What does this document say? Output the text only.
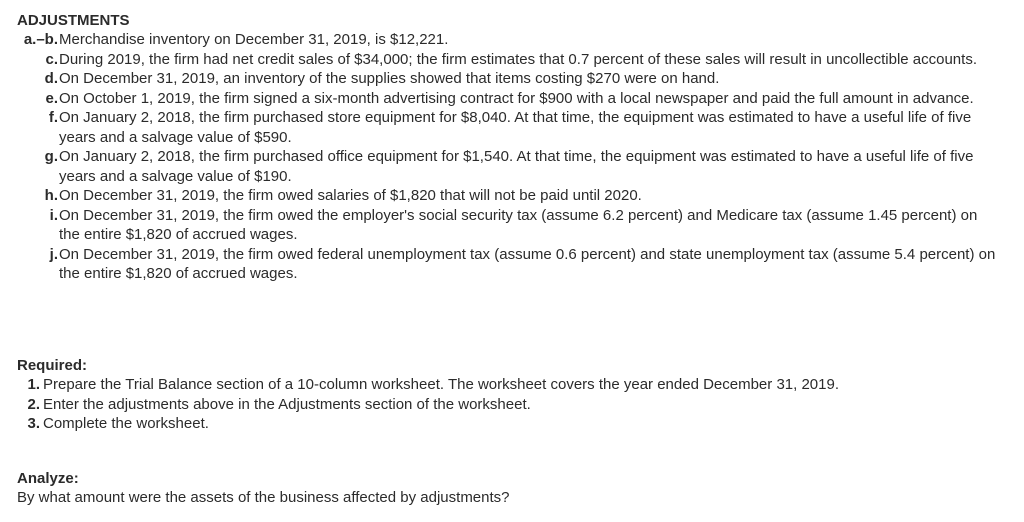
ADJUSTMENTS
a.–b. Merchandise inventory on December 31, 2019, is $12,221.
c. During 2019, the firm had net credit sales of $34,000; the firm estimates that 0.7 percent of these sales will result in uncollectible accounts.
d. On December 31, 2019, an inventory of the supplies showed that items costing $270 were on hand.
e. On October 1, 2019, the firm signed a six-month advertising contract for $900 with a local newspaper and paid the full amount in advance.
f. On January 2, 2018, the firm purchased store equipment for $8,040. At that time, the equipment was estimated to have a useful life of five years and a salvage value of $590.
g. On January 2, 2018, the firm purchased office equipment for $1,540. At that time, the equipment was estimated to have a useful life of five years and a salvage value of $190.
h. On December 31, 2019, the firm owed salaries of $1,820 that will not be paid until 2020.
i. On December 31, 2019, the firm owed the employer's social security tax (assume 6.2 percent) and Medicare tax (assume 1.45 percent) on the entire $1,820 of accrued wages.
j. On December 31, 2019, the firm owed federal unemployment tax (assume 0.6 percent) and state unemployment tax (assume 5.4 percent) on the entire $1,820 of accrued wages.
Required:
1. Prepare the Trial Balance section of a 10-column worksheet. The worksheet covers the year ended December 31, 2019.
2. Enter the adjustments above in the Adjustments section of the worksheet.
3. Complete the worksheet.
Analyze:
By what amount were the assets of the business affected by adjustments?
